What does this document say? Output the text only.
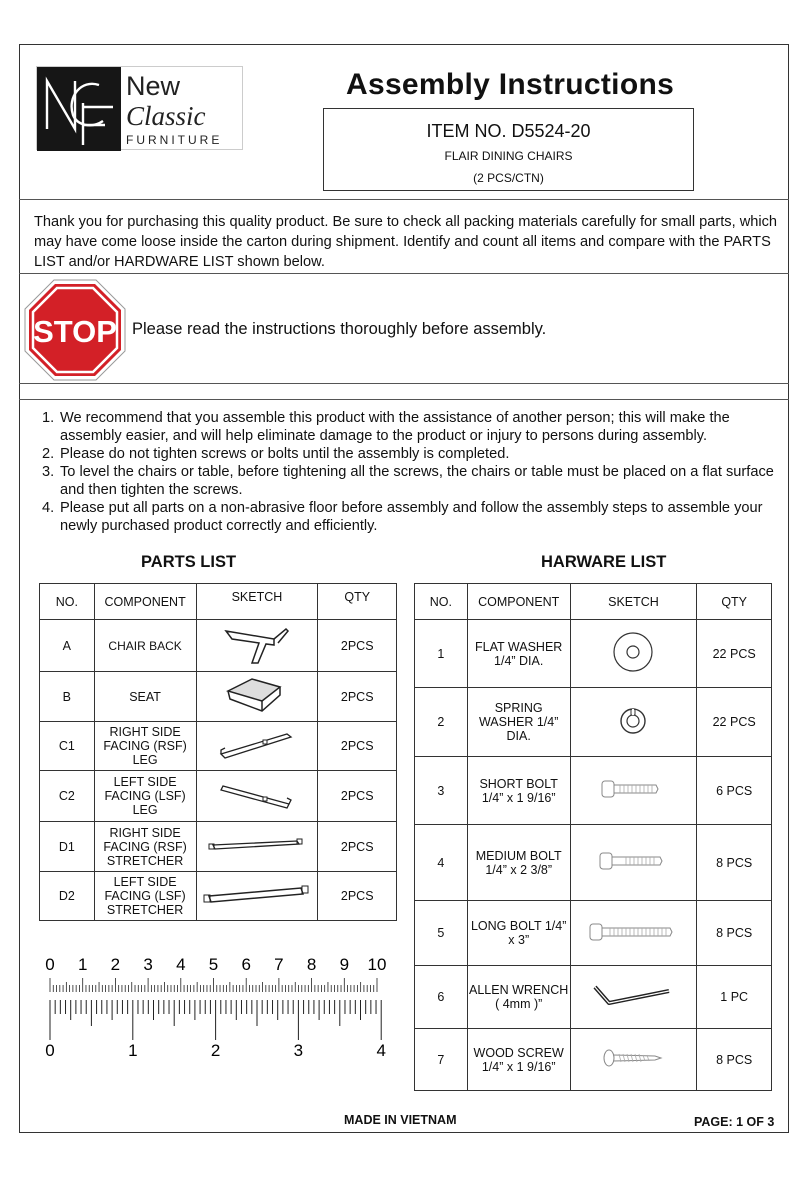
New
Classic
FURNITURE
Assembly Instructions
ITEM NO. D5524-20
FLAIR DINING CHAIRS
(2 PCS/CTN)
Thank you for purchasing this quality product. Be sure to check all packing materials carefully for small parts, which may have come loose inside the carton during shipment. Identify and count all items and compare with the PARTS LIST and/or HARDWARE LIST shown below.
STOP Please read the instructions thoroughly before assembly.
1. We recommend that you assemble this product with the assistance of another person; this will make the assembly easier, and will help eliminate damage to the product or injury to persons during assembly.
2. Please do not tighten screws or bolts until the assembly is completed.
3. To level the chairs or table, before tightening all the screws, the chairs or table must be placed on a flat surface and then tighten the screws.
4. Please put all parts on a non-abrasive floor before assembly and follow the assembly steps to assemble your newly purchased product correctly and efficiently.
PARTS LIST	HARWARE LIST
NO.	COMPONENT	SKETCH	QTY
A	CHAIR BACK		2PCS
B	SEAT		2PCS
C1	RIGHT SIDE FACING (RSF) LEG		2PCS
C2	LEFT SIDE FACING (LSF) LEG		2PCS
D1	RIGHT SIDE FACING (RSF) STRETCHER		2PCS
D2	LEFT SIDE FACING (LSF) STRETCHER		2PCS
NO.	COMPONENT	SKETCH	QTY
1	FLAT WASHER 1/4” DIA.		22 PCS
2	SPRING WASHER 1/4” DIA.		22 PCS
3	SHORT BOLT 1/4” x 1 9/16”		6 PCS
4	MEDIUM BOLT 1/4” x 2 3/8”		8 PCS
5	LONG BOLT 1/4” x 3”		8 PCS
6	ALLEN WRENCH ( 4mm )”		1 PC
7	WOOD SCREW 1/4” x 1 9/16”		8 PCS
0 1 2 3 4 5 6 7 8 9 10
0	1	2	3	4
MADE IN VIETNAM	PAGE: 1 OF 3
